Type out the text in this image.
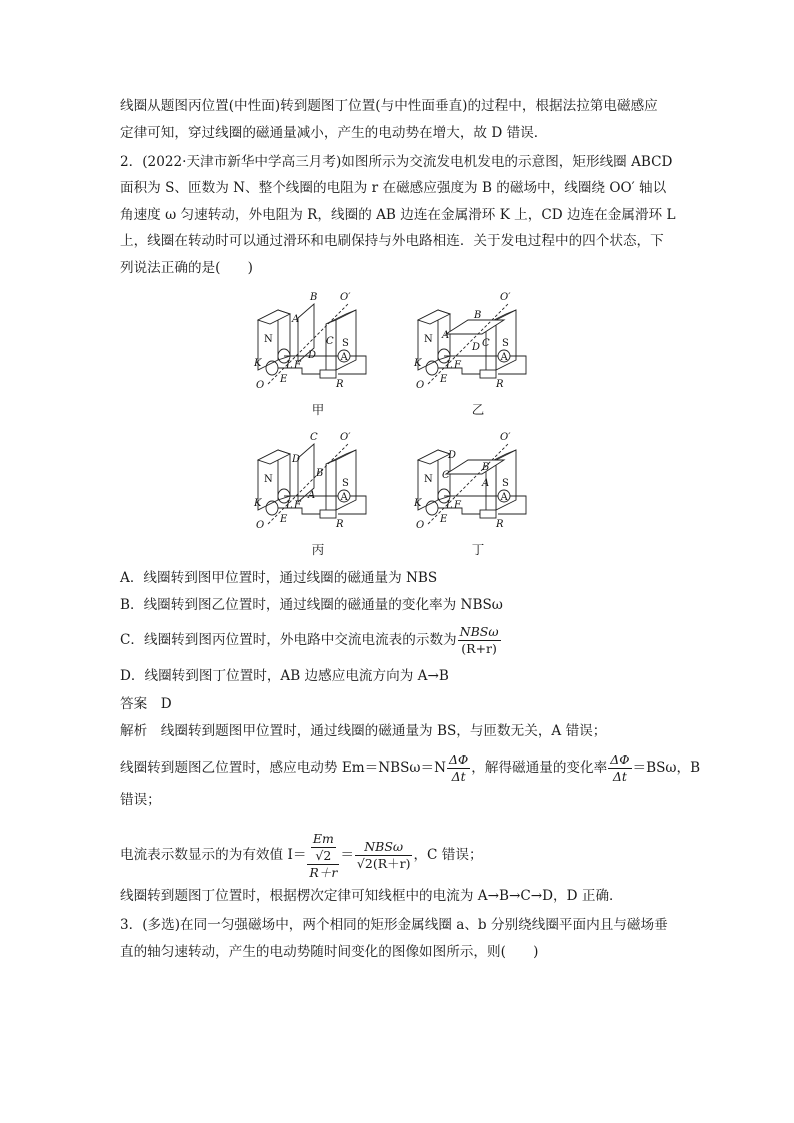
线圈从题图丙位置(中性面)转到题图丁位置(与中性面垂直)的过程中，根据法拉第电磁感应
定律可知，穿过线圈的磁通量减小，产生的电动势在增大，故 D 错误．
2．(2022·天津市新华中学高三月考)如图所示为交流发电机发电的示意图，矩形线圈 ABCD
面积为 S、匝数为 N、整个线圈的电阻为 r 在磁感应强度为 B 的磁场中，线圈绕 OO′ 轴以
角速度 ω 匀速转动，外电阻为 R，线圈的 AB 边连在金属滑环 K 上，CD 边连在金属滑环 L
上，线圈在转动时可以通过滑环和电刷保持与外电路相连．关于发电过程中的四个状态，下
列说法正确的是(　　)
N	S
B O′
A
C
D
K L F
E
O	R
A
甲
N	S
O′
A
B
C
D
K L F
E
O	R
A
乙
N	S
C O′
B
D
A
K L F
E
O	R
A
丙
N	S
O′
C
D
B
A
K L F
E
O	R
A
丁
A．线圈转到图甲位置时，通过线圈的磁通量为 NBS
B．线圈转到图乙位置时，通过线圈的磁通量的变化率为 NBSω
C．线圈转到图丙位置时，外电路中交流电流表的示数为 $\frac{\text{NBSω}}{(R+r)}$
D．线圈转到图丁位置时，AB 边感应电流方向为 A→B
答案　D
解析　线圈转到题图甲位置时，通过线圈的磁通量为 BS，与匝数无关，A 错误；
线圈转到题图乙位置时，感应电动势 $Em=NBS\omega=N \frac{\Delta\Phi}{\Delta t}$ ，解得磁通量的变化率 $\frac{\Delta\Phi}{\Delta t} =BS\omega$，B
错误；
电流表示数显示的为有效值 $I= \frac{\frac{Em}{√2}}{R+r} = \frac{\text{NBSω}}{√2(R+r)}$ ，C 错误；
线圈转到题图丁位置时，根据楞次定律可知线框中的电流为 A→B→C→D，D 正确．
3．(多选)在同一匀强磁场中，两个相同的矩形金属线圈 a、b 分别绕线圈平面内且与磁场垂
直的轴匀速转动，产生的电动势随时间变化的图像如图所示，则(　　)
